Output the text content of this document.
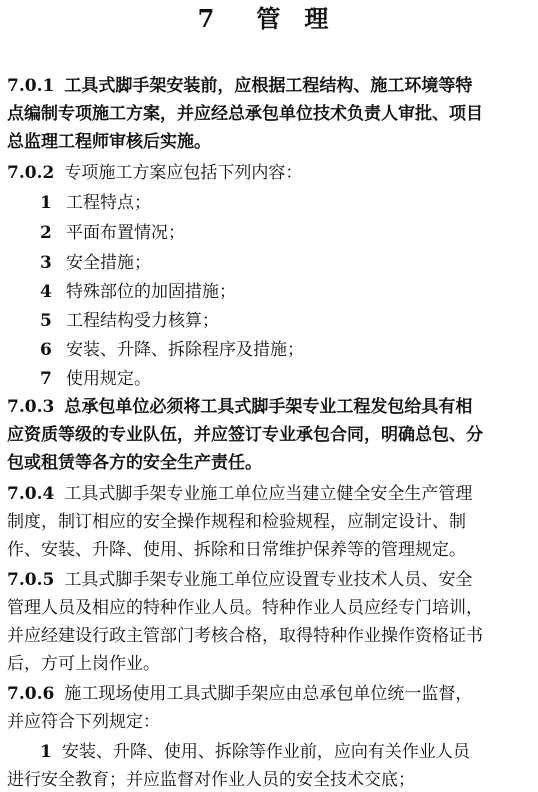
7 管 理
7.0.1 工具式脚手架安装前，应根据工程结构、施工环境等特
点编制专项施工方案，并应经总承包单位技术负责人审批、项目
总监理工程师审核后实施。
7.0.2 专项施工方案应包括下列内容：
1 工程特点；
2 平面布置情况；
3 安全措施；
4 特殊部位的加固措施；
5 工程结构受力核算；
6 安装、升降、拆除程序及措施；
7 使用规定。
7.0.3 总承包单位必须将工具式脚手架专业工程发包给具有相
应资质等级的专业队伍，并应签订专业承包合同，明确总包、分
包或租赁等各方的安全生产责任。
7.0.4 工具式脚手架专业施工单位应当建立健全安全生产管理
制度，制订相应的安全操作规程和检验规程，应制定设计、制
作、安装、升降、使用、拆除和日常维护保养等的管理规定。
7.0.5 工具式脚手架专业施工单位应设置专业技术人员、安全
管理人员及相应的特种作业人员。特种作业人员应经专门培训，
并应经建设行政主管部门考核合格，取得特种作业操作资格证书
后，方可上岗作业。
7.0.6 施工现场使用工具式脚手架应由总承包单位统一监督，
并应符合下列规定：
1 安装、升降、使用、拆除等作业前，应向有关作业人员
进行安全教育；并应监督对作业人员的安全技术交底；
